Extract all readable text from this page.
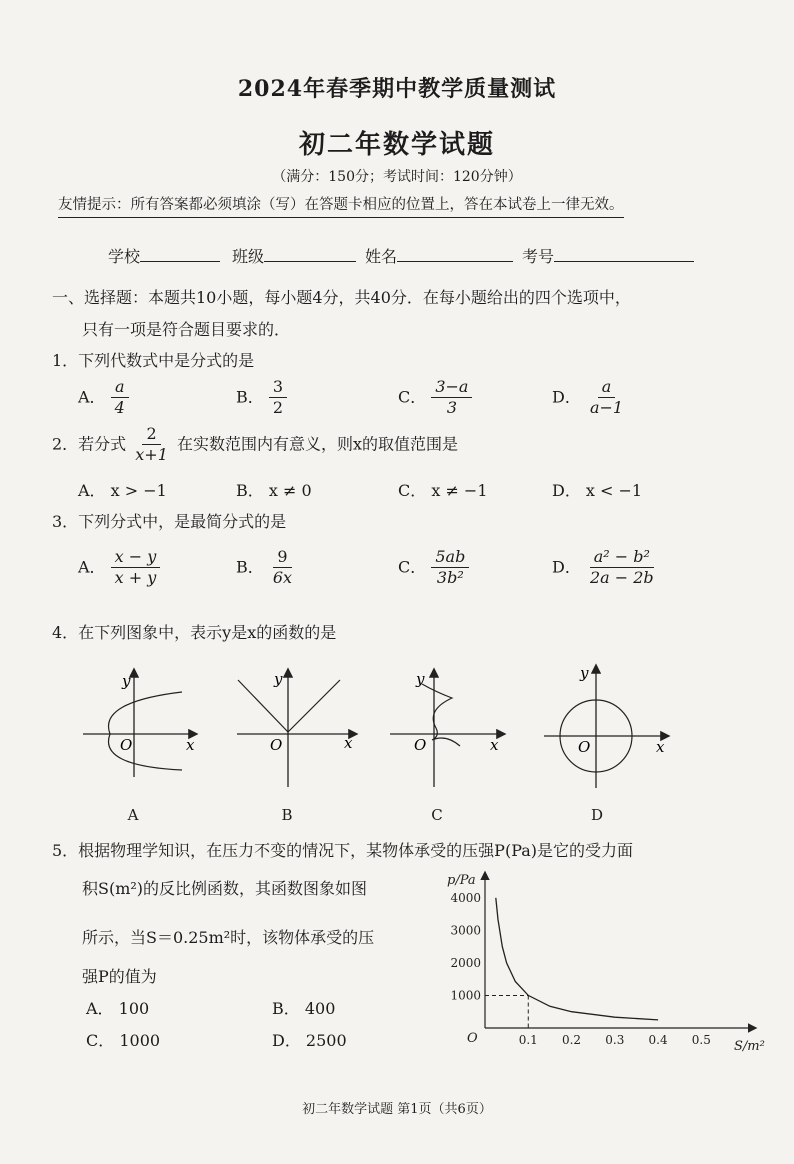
2024年春季期中教学质量测试
初二年数学试题
（满分：150分；考试时间：120分钟）
友情提示：所有答案都必须填涂（写）在答题卡相应的位置上，答在本试卷上一律无效。
学校	班级	姓名	考号
一、选择题：本题共10小题，每小题4分，共40分．在每小题给出的四个选项中，
只有一项是符合题目要求的．
1．下列代数式中是分式的是
A． $\frac{a}{4}$	B． $\frac{3}{2}$	C． $\frac{3-a}{3}$	D． $\frac{a}{a-1}$
2．若分式 $\frac{2}{x+1}$ 在实数范围内有意义，则x的取值范围是
A． x > −1	B． x ≠ 0	C． x ≠ −1	D． x < −1
3．下列分式中，是最简分式的是
A． $\frac{x - y}{x + y}$	B． $\frac{9}{6x}$	C． $\frac{5ab}{\text{3b²}}$	D． $\frac{\text{a² − b²}}{2a - 2b}$
4．在下列图象中，表示y是x的函数的是
y
x
O
y
x
O
y
x
O
y
x
O
A	B	C	D
5．根据物理学知识，在压力不变的情况下，某物体承受的压强P(Pa)是它的受力面
积S(m²)的反比例函数，其函数图象如图
所示，当S＝0.25m²时，该物体承受的压
强P的值为
A． 100	B． 400
C． 1000	D． 2500
1000
2000
3000
4000
0.1 0.2 0.3 0.4 0.5
p/Pa
S/m²
O
初二年数学试题 第1页（共6页）
